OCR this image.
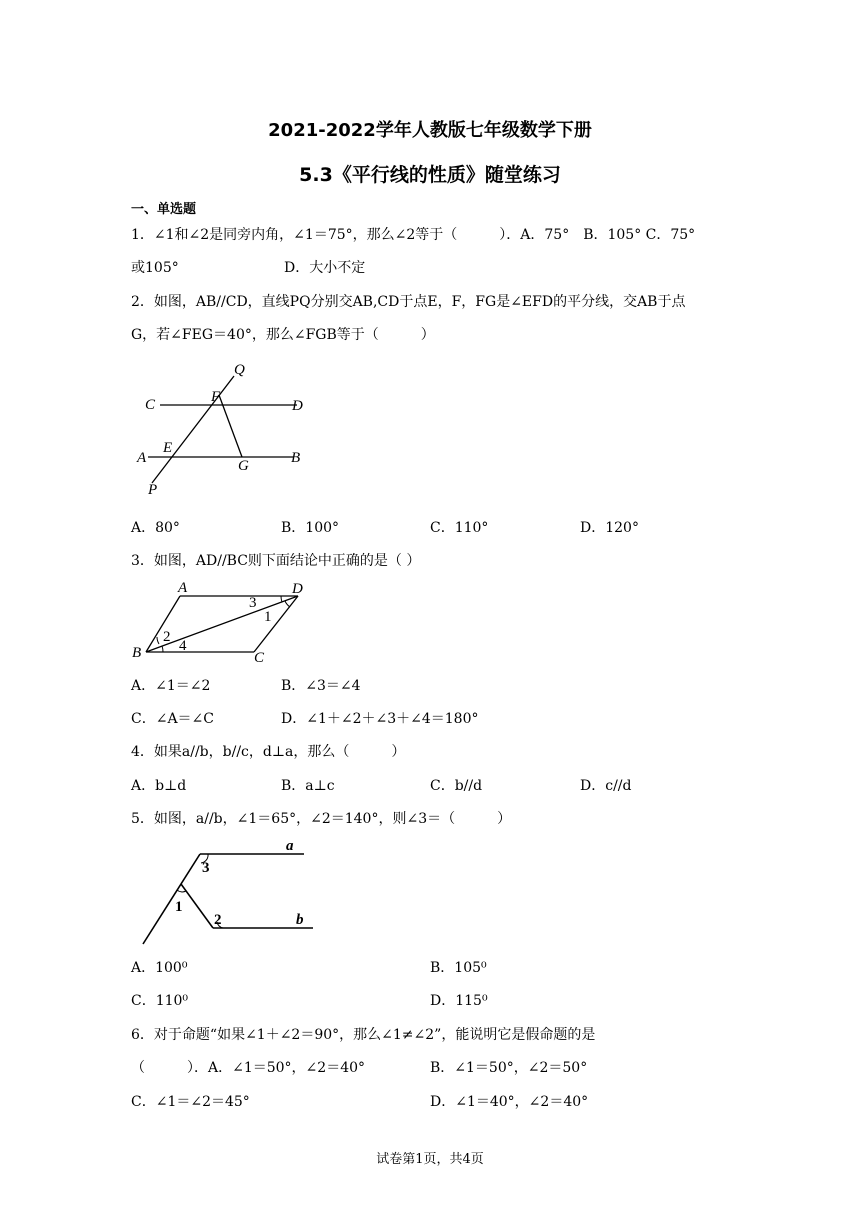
2021-2022学年人教版七年级数学下册
5.3《平行线的性质》随堂练习
一、单选题
1．∠1和∠2是同旁内角，∠1＝75°，那么∠2等于（　　　）．A．75°　B．105° C．75°
或105°	D．大小不定
2．如图，AB//CD，直线PQ分别交AB,CD于点E，F，FG是∠EFD的平分线，交AB于点
G，若∠FEG＝40°，那么∠FGB等于（　　　）
Q
C	F
D
E
A	G	B
P
A．80°	B．100°	C．110°	D．120°
3．如图，AD//BC则下面结论中正确的是（ ）
A	D
3
1
2
4
B	C
A．∠1＝∠2	B．∠3＝∠4
C．∠A＝∠C	D．∠1＋∠2＋∠3＋∠4＝180°
4．如果a//b，b//c，d⊥a，那么（　　　）
A．b⊥d	B．a⊥c	C．b//d	D．c//d
5．如图，a//b，∠1＝65°，∠2＝140°，则∠3＝（　　　）
a
3
1
2	b
A．100⁰	B．105⁰
C．110⁰	D．115⁰
6．对于命题“如果∠1＋∠2＝90°，那么∠1≠∠2”，能说明它是假命题的是
（　　　）．A．∠1＝50°，∠2＝40°	B．∠1＝50°，∠2＝50°
C．∠1＝∠2＝45°	D．∠1＝40°，∠2＝40°
试卷第1页，共4页
